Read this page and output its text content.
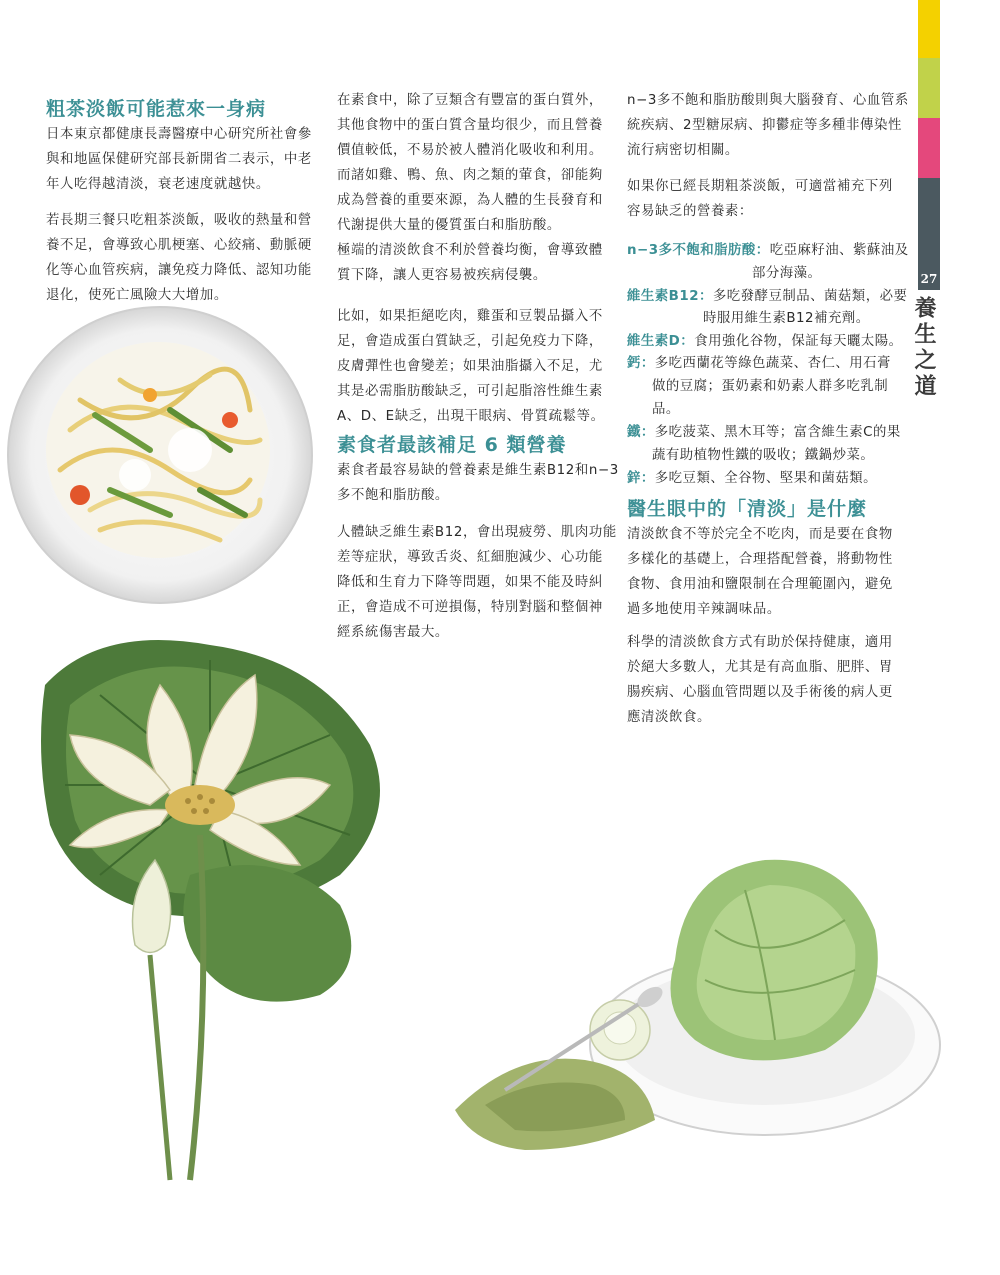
27
養生之道
粗茶淡飯可能惹來一身病
日本東京都健康長壽醫療中心研究所社會參
與和地區保健研究部長新開省二表示，中老
年人吃得越清淡，衰老速度就越快。
若長期三餐只吃粗茶淡飯，吸收的熱量和營
養不足，會導致心肌梗塞、心絞痛、動脈硬
化等心血管疾病，讓免疫力降低、認知功能
退化，使死亡風險大大增加。
在素食中，除了豆類含有豐富的蛋白質外，
其他食物中的蛋白質含量均很少，而且營養
價值較低，不易於被人體消化吸收和利用。
而諸如雞、鴨、魚、肉之類的葷食，卻能夠
成為營養的重要來源，為人體的生長發育和
代謝提供大量的優質蛋白和脂肪酸。
極端的清淡飲食不利於營養均衡，會導致體
質下降，讓人更容易被疾病侵襲。
比如，如果拒絕吃肉，雞蛋和豆製品攝入不
足，會造成蛋白質缺乏，引起免疫力下降，
皮膚彈性也會變差；如果油脂攝入不足，尤
其是必需脂肪酸缺乏，可引起脂溶性維生素
A、D、E缺乏，出現干眼病、骨質疏鬆等。
素食者最該補足 6 類營養
素食者最容易缺的營養素是維生素B12和n−3
多不飽和脂肪酸。
人體缺乏維生素B12，會出現疲勞、肌肉功能
差等症狀，導致舌炎、紅細胞減少、心功能
降低和生育力下降等問題，如果不能及時糾
正，會造成不可逆損傷，特別對腦和整個神
經系統傷害最大。
n−3多不飽和脂肪酸則與大腦發育、心血管系
統疾病、2型糖尿病、抑鬱症等多種非傳染性
流行病密切相關。
如果你已經長期粗茶淡飯，可適當補充下列
容易缺乏的營養素：
n−3多不飽和脂肪酸：吃亞麻籽油、紫蘇油及
部分海藻。
維生素B12：多吃發酵豆制品、菌菇類，必要
時服用維生素B12補充劑。
維生素D：食用強化谷物，保証每天曬太陽。
鈣：多吃西蘭花等綠色蔬菜、杏仁、用石膏
做的豆腐；蛋奶素和奶素人群多吃乳制
品。
鐵：多吃菠菜、黑木耳等；富含維生素C的果
蔬有助植物性鐵的吸收；鐵鍋炒菜。
鋅：多吃豆類、全谷物、堅果和菌菇類。
醫生眼中的「清淡」是什麼
清淡飲食不等於完全不吃肉，而是要在食物
多樣化的基礎上，合理搭配營養，將動物性
食物、食用油和鹽限制在合理範圍內，避免
過多地使用辛辣調味品。
科學的清淡飲食方式有助於保持健康，適用
於絕大多數人，尤其是有高血脂、肥胖、胃
腸疾病、心腦血管問題以及手術後的病人更
應清淡飲食。
